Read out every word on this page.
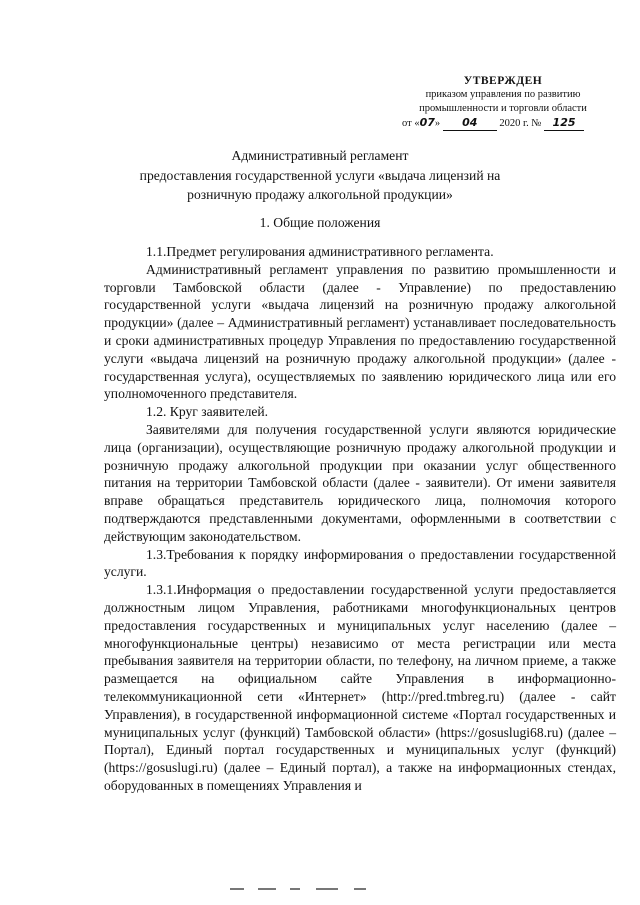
УТВЕРЖДЕН
приказом управления по развитию
промышленности и торговли области
от «07» 04 2020 г. № 125
Административный регламент
предоставления государственной услуги «выдача лицензий на
розничную продажу алкогольной продукции»
1. Общие положения

1.1.Предмет регулирования административного регламента.

Административный регламент управления по развитию промышленности и торговли Тамбовской области (далее - Управление) по предоставлению государственной услуги «выдача лицензий на розничную продажу алкогольной продукции» (далее – Административный регламент) устанавливает последовательность и сроки административных процедур Управления по предоставлению государственной услуги «выдача лицензий на розничную продажу алкогольной продукции» (далее - государственная услуга), осуществляемых по заявлению юридического лица или его уполномоченного представителя.

1.2. Круг заявителей.

Заявителями для получения государственной услуги являются юридические лица (организации), осуществляющие розничную продажу алкогольной продукции и розничную продажу алкогольной продукции при оказании услуг общественного питания на территории Тамбовской области (далее - заявители). От имени заявителя вправе обращаться представитель юридического лица, полномочия которого подтверждаются представленными документами, оформленными в соответствии с действующим законодательством.

1.3.Требования к порядку информирования о предоставлении государственной услуги.

1.3.1.Информация о предоставлении государственной услуги предоставляется должностным лицом Управления, работниками многофункциональных центров предоставления государственных и муниципальных услуг населению (далее – многофункциональные центры) независимо от места регистрации или места пребывания заявителя на территории области, по телефону, на личном приеме, а также размещается на официальном сайте Управления в информационно-телекоммуникационной сети «Интернет» (http://pred.tmbreg.ru) (далее - сайт Управления), в государственной информационной системе «Портал государственных и муниципальных услуг (функций) Тамбовской области» (https://gosuslugi68.ru) (далее – Портал), Единый портал государственных и муниципальных услуг (функций) (https://gosuslugi.ru) (далее – Единый портал), а также на информационных стендах, оборудованных в помещениях Управления и
